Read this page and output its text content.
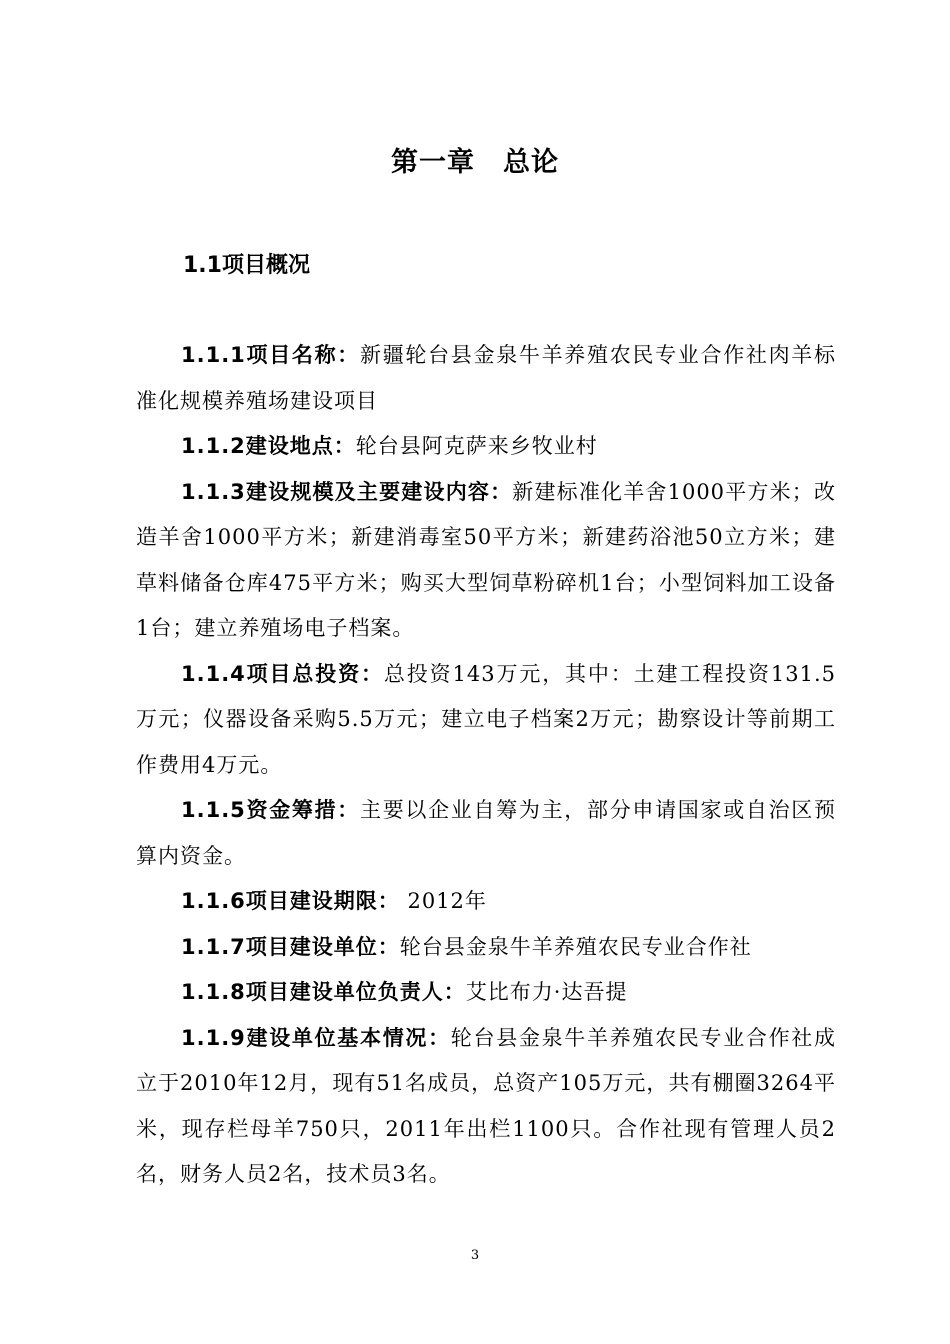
第一章　总论
1.1项目概况

1.1.1项目名称：新疆轮台县金泉牛羊养殖农民专业合作社肉羊标准化规模养殖场建设项目

1.1.2建设地点：轮台县阿克萨来乡牧业村

1.1.3建设规模及主要建设内容：新建标准化羊舍1000平方米；改造羊舍1000平方米；新建消毒室50平方米；新建药浴池50立方米；建草料储备仓库475平方米；购买大型饲草粉碎机1台；小型饲料加工设备1台；建立养殖场电子档案。

1.1.4项目总投资：总投资143万元，其中：土建工程投资131.5万元；仪器设备采购5.5万元；建立电子档案2万元；勘察设计等前期工作费用4万元。

1.1.5资金筹措：主要以企业自筹为主，部分申请国家或自治区预算内资金。

1.1.6项目建设期限： 2012年

1.1.7项目建设单位：轮台县金泉牛羊养殖农民专业合作社

1.1.8项目建设单位负责人：艾比布力·达吾提

1.1.9建设单位基本情况：轮台县金泉牛羊养殖农民专业合作社成立于2010年12月，现有51名成员，总资产105万元，共有棚圈3264平米，现存栏母羊750只，2011年出栏1100只。合作社现有管理人员2名，财务人员2名，技术员3名。

3
